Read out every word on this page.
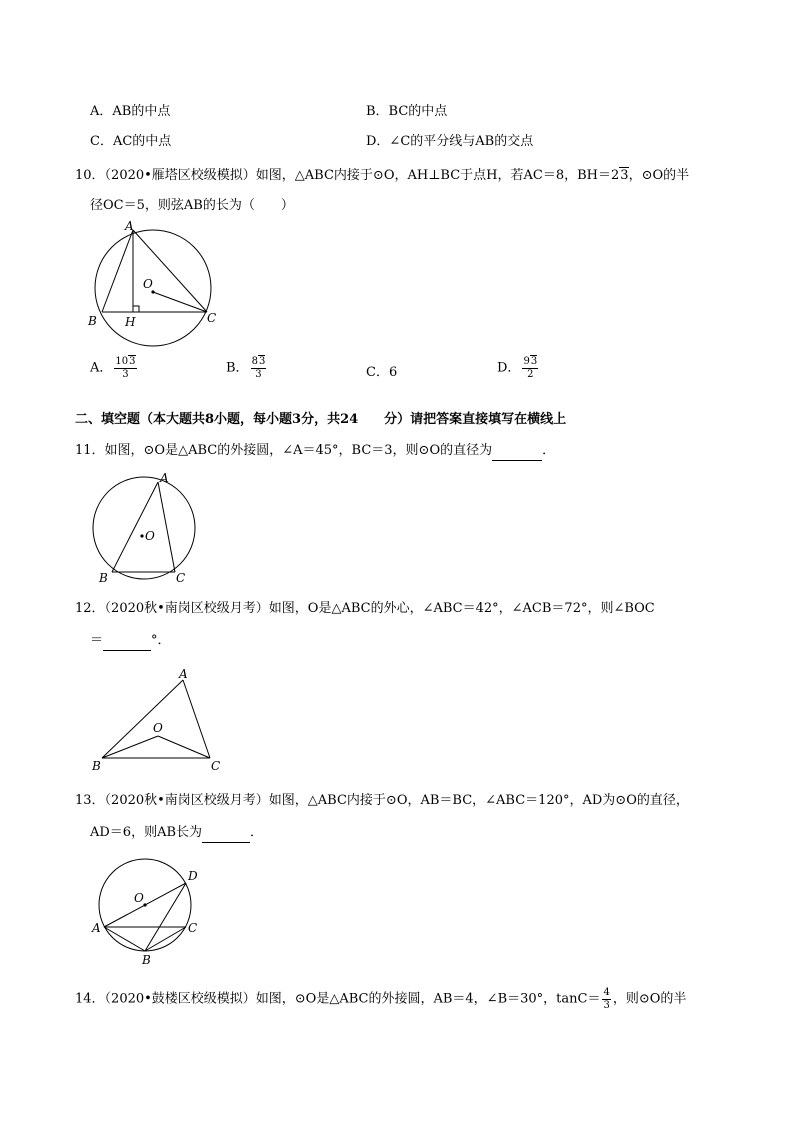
A．AB的中点	B．BC的中点
C．AC的中点	D．∠C的平分线与AB的交点
10．（2020•雁塔区校级模拟）如图，△ABC内接于⊙O，AH⊥BC于点H，若AC＝8，BH＝23，⊙O的半
径OC＝5，则弦AB的长为（　　）
A
B	C
H
O
A． $\frac{103}{3}$	B． $\frac{83}{3}$	C．6	D． $\frac{93}{2}$
二、填空题（本大题共8小题，每小题3分，共24　　分）请把答案直接填写在横线上
11．如图，⊙O是△ABC的外接圆，∠A＝45°，BC＝3，则⊙O的直径为	．
A
B	C
O
12．（2020秋•南岗区校级月考）如图，O是△ABC的外心，∠ABC＝42°，∠ACB＝72°，则∠BOC
＝	°．
A
B	C
O
13．（2020秋•南岗区校级月考）如图，△ABC内接于⊙O，AB＝BC，∠ABC＝120°，AD为⊙O的直径，
AD＝6，则AB长为	．
A
B
C
D
O
14．（2020•鼓楼区校级模拟）如图，⊙O是△ABC的外接圆，AB＝4，∠B＝30°，$\tan C= \frac{4}{3}$ ，则⊙O的半
